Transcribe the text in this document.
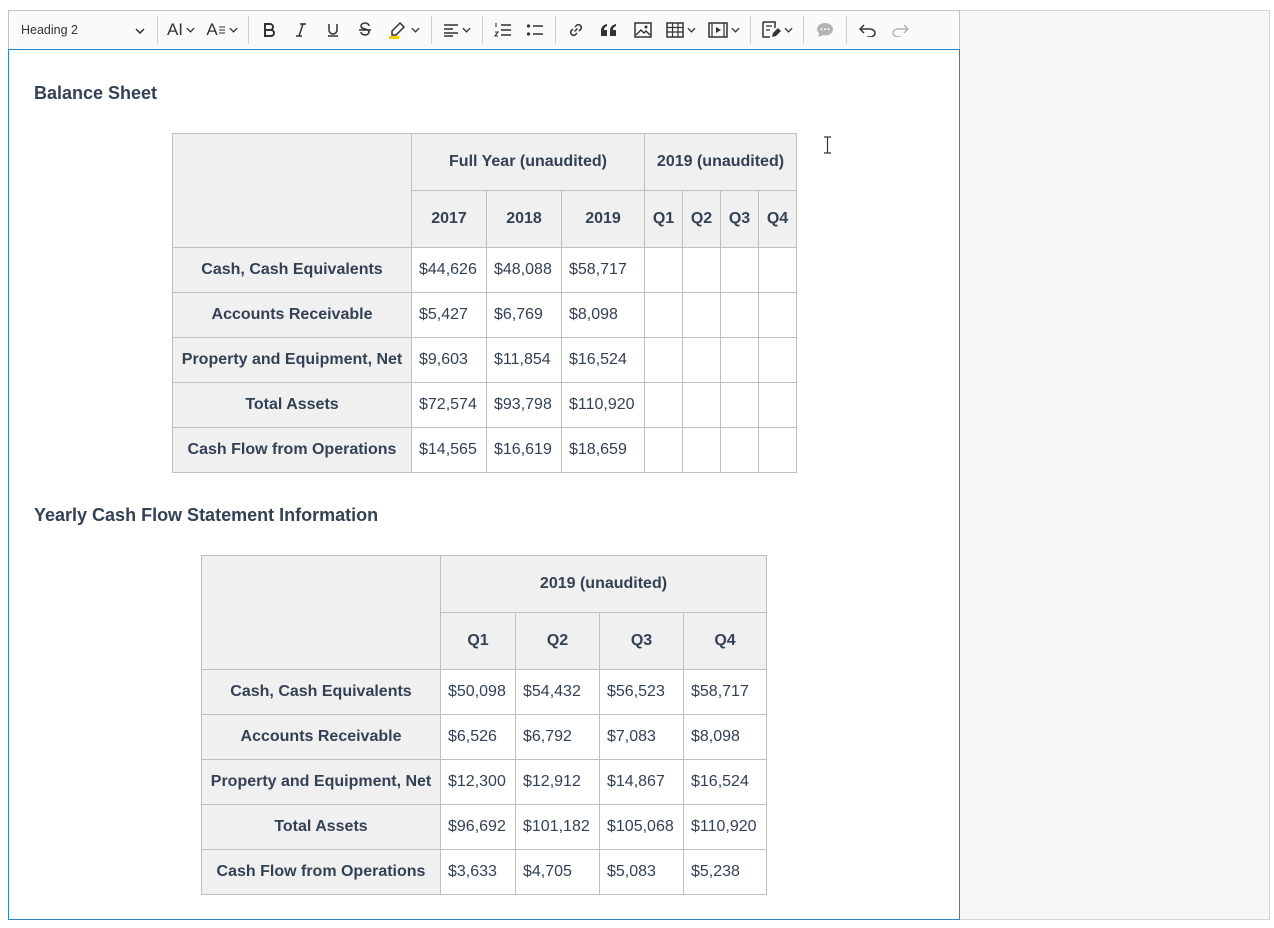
Heading 2	AI A
Balance Sheet
	Full Year (unaudited)			2019 (unaudited)			
	2017	2018	2019	Q1	Q2	Q3	Q4
Cash, Cash Equivalents	$44,626	$48,088	$58,717				
Accounts Receivable	$5,427	$6,769	$8,098				
Property and Equipment, Net	$9,603	$11,854	$16,524				
Total Assets	$72,574	$93,798	$110,920				
Cash Flow from Operations	$14,565	$16,619	$18,659				
Yearly Cash Flow Statement Information
	2019 (unaudited)			
	Q1	Q2	Q3	Q4
Cash, Cash Equivalents	$50,098	$54,432	$56,523	$58,717
Accounts Receivable	$6,526	$6,792	$7,083	$8,098
Property and Equipment, Net	$12,300	$12,912	$14,867	$16,524
Total Assets	$96,692	$101,182	$105,068	$110,920
Cash Flow from Operations	$3,633	$4,705	$5,083	$5,238
